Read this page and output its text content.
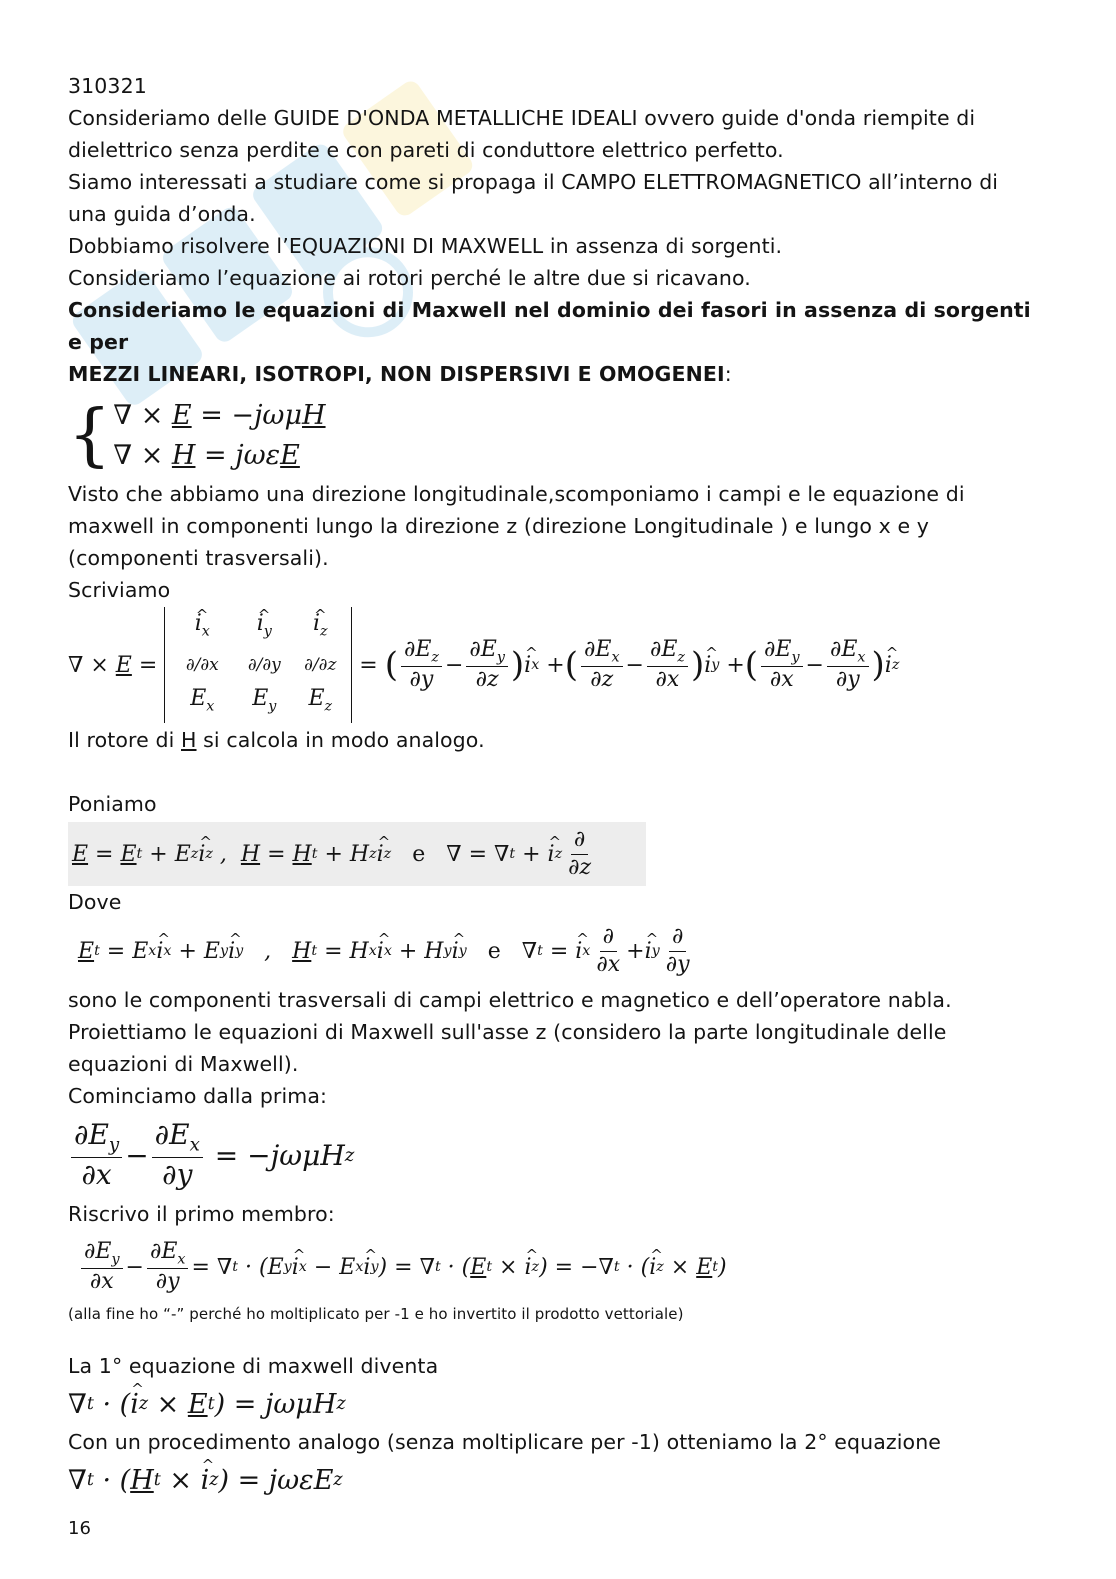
310321

Consideriamo delle GUIDE D'ONDA METALLICHE IDEALI ovvero guide d'onda riempite di

dielettrico senza perdite e con pareti di conduttore elettrico perfetto.

Siamo interessati a studiare come si propaga il CAMPO ELETTROMAGNETICO all’interno di

una guida d’onda.

Dobbiamo risolvere l’EQUAZIONI DI MAXWELL in assenza di sorgenti.

Consideriamo l’equazione ai rotori perché le altre due si ricavano.

Consideriamo le equazioni di Maxwell nel dominio dei fasori in assenza di sorgenti e per

MEZZI LINEARI, ISOTROPI, NON DISPERSIVI E OMOGENEI:

{ ∇ × E = −jωμH
∇ × H = jωεE

Visto che abbiamo una direzione longitudinale,scomponiamo i campi e le equazione di

maxwell in componenti lungo la direzione z (direzione Longitudinale ) e lungo x e y

(componenti trasversali).

Scriviamo

∇ × E =
^ $i_x$	^ $i_y$	^ $i_z$
∂/∂x	∂/∂y	∂/∂z
$E_x$	$E_y$	$E_z$
= ( $\frac{\partial E_z}{\partial y} - \frac{\partial E_y}{\partial z}$ ) ^ i x + ( $\frac{\partial E_x}{\partial z} - \frac{\partial E_z}{\partial x}$ ) ^ i y + ( $\frac{\partial E_y}{\partial x} - \frac{\partial E_x}{\partial y}$ ) ^ i z

Il rotore di H si calcola in modo analogo.

Poniamo

E = E t + E z ^ i z , H = H t + H z ^ i z
e
∇ = ∇ t + ^ i z $\frac{\partial}{\partial z}$

Dove

E t = E x ^ i x + E y ^ i y , H t = H x ^ i x + H y ^ i y
e
∇ t = ^ i x $\frac{\partial}{\partial x}$ + ^ i y $\frac{\partial}{\partial y}$

sono le componenti trasversali di campi elettrico e magnetico e dell’operatore nabla.

Proiettiamo le equazioni di Maxwell sull'asse z (considero la parte longitudinale delle

equazioni di Maxwell).

Cominciamo dalla prima:

$\frac{\partial E_y}{\partial x} - \frac{\partial E_x}{\partial y}$ = − jωμ H z

Riscrivo il primo membro:

$\frac{\partial E_y}{\partial x} - \frac{\partial E_x}{\partial y}$ = ∇ t · (E y ^ i x − E x ^ i y ) = ∇ t · ( E t × ^ i z ) = − ∇ t · ( ^ i z × E t )

(alla fine ho “-” perché ho moltiplicato per -1 e ho invertito il prodotto vettoriale)

La 1° equazione di maxwell diventa

∇ t · ( ^ i z × E t ) = jωμ H z

Con un procedimento analogo (senza moltiplicare per -1) otteniamo la 2° equazione

∇ t · ( H t × ^ i z ) = jωε E z
16
